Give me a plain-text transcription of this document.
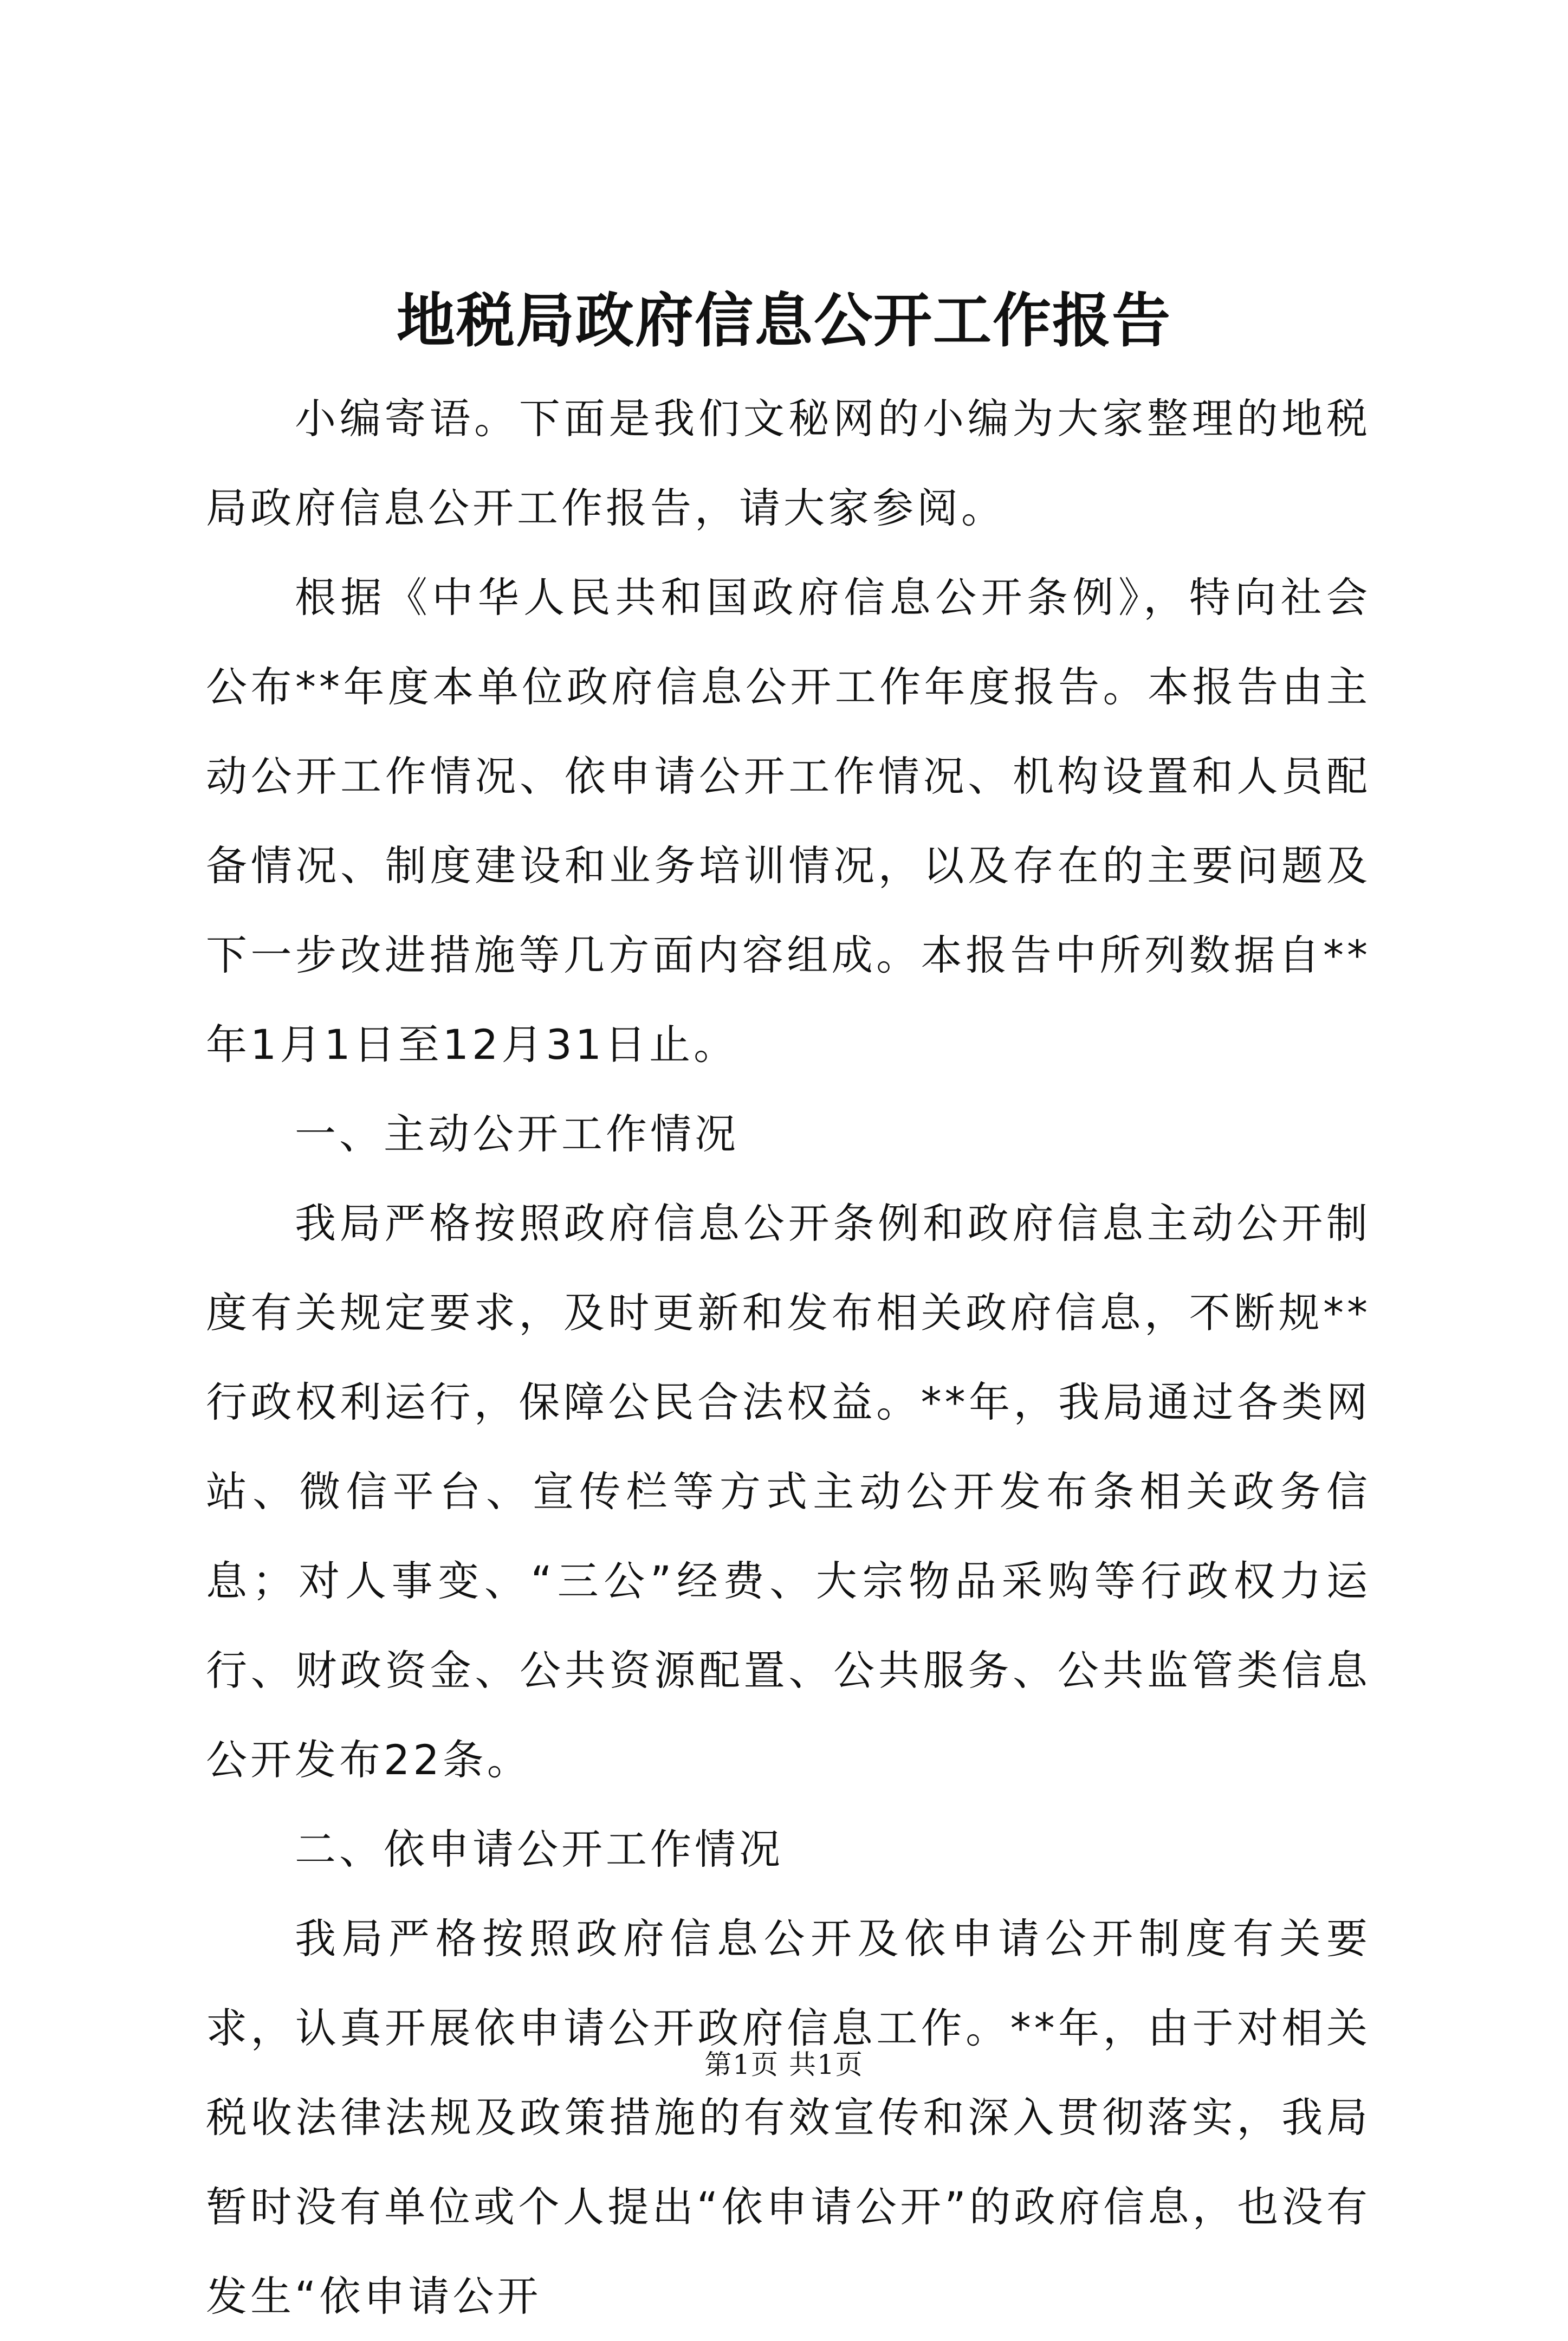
地税局政府信息公开工作报告

小编寄语。下面是我们文秘网的小编为大家整理的地税局政府信息公开工作报告，请大家参阅。

根据《中华人民共和国政府信息公开条例》，特向社会公布**年度本单位政府信息公开工作年度报告。本报告由主动公开工作情况、依申请公开工作情况、机构设置和人员配备情况、制度建设和业务培训情况，以及存在的主要问题及下一步改进措施等几方面内容组成。本报告中所列数据自**年1月1日至12月31日止。

一、主动公开工作情况

我局严格按照政府信息公开条例和政府信息主动公开制度有关规定要求，及时更新和发布相关政府信息，不断规**行政权利运行，保障公民合法权益。**年，我局通过各类网站、微信平台、宣传栏等方式主动公开发布条相关政务信息；对人事变、“三公”经费、大宗物品采购等行政权力运行、财政资金、公共资源配置、公共服务、公共监管类信息公开发布22条。

二、依申请公开工作情况

我局严格按照政府信息公开及依申请公开制度有关要求，认真开展依申请公开政府信息工作。**年，由于对相关税收法律法规及政策措施的有效宣传和深入贯彻落实，我局暂时没有单位或个人提出“依申请公开”的政府信息，也没有发生“依申请公开

第1页 共1页
